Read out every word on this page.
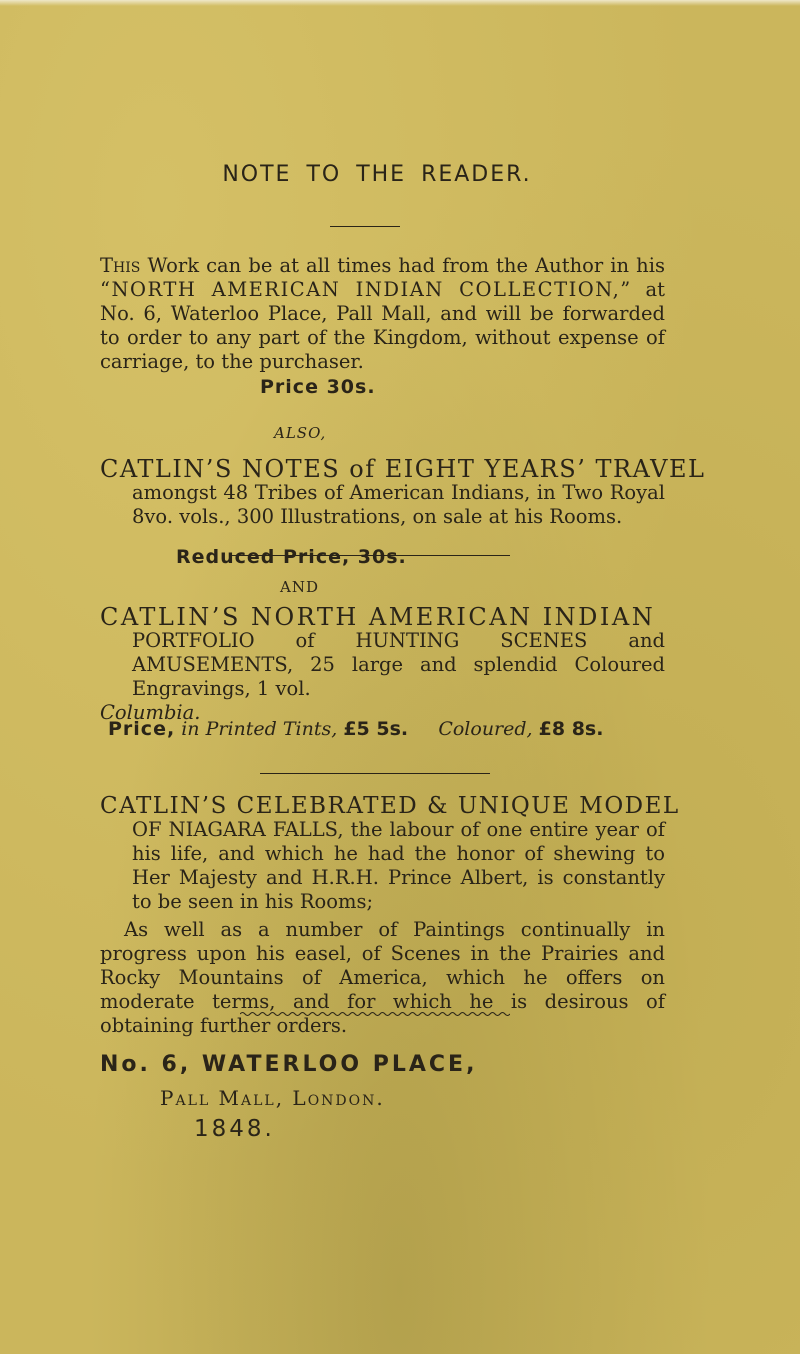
NOTE TO THE READER.

This Work can be at all times had from the Author in his “NORTH AMERICAN INDIAN COLLECTION,” at No. 6, Waterloo Place, Pall Mall, and will be forwarded to order to any part of the Kingdom, without expense of carriage, to the purchaser.

Price 30s.
ALSO,
CATLIN’S NOTES of EIGHT YEARS’ TRAVEL
amongst 48 Tribes of American Indians, in Two Royal 8vo. vols., 300 Illustrations, on sale at his Rooms.
Reduced Price, 30s.
AND
CATLIN’S NORTH AMERICAN INDIAN
PORTFOLIO of HUNTING SCENES and AMUSEMENTS, 25 large and splendid Coloured Engravings, 1 vol.
Columbia.
Price, in Printed Tints, £5 5s. Coloured, £8 8s.
CATLIN’S CELEBRATED & UNIQUE MODEL
OF NIAGARA FALLS, the labour of one entire year of his life, and which he had the honor of shewing to Her Majesty and H.R.H. Prince Albert, is constantly to be seen in his Rooms;

As well as a number of Paintings continually in progress upon his easel, of Scenes in the Prairies and Rocky Mountains of America, which he offers on moderate terms, and for which he is desirous of obtaining further orders.

No. 6, WATERLOO PLACE,
Pall Mall, London.
1848.
